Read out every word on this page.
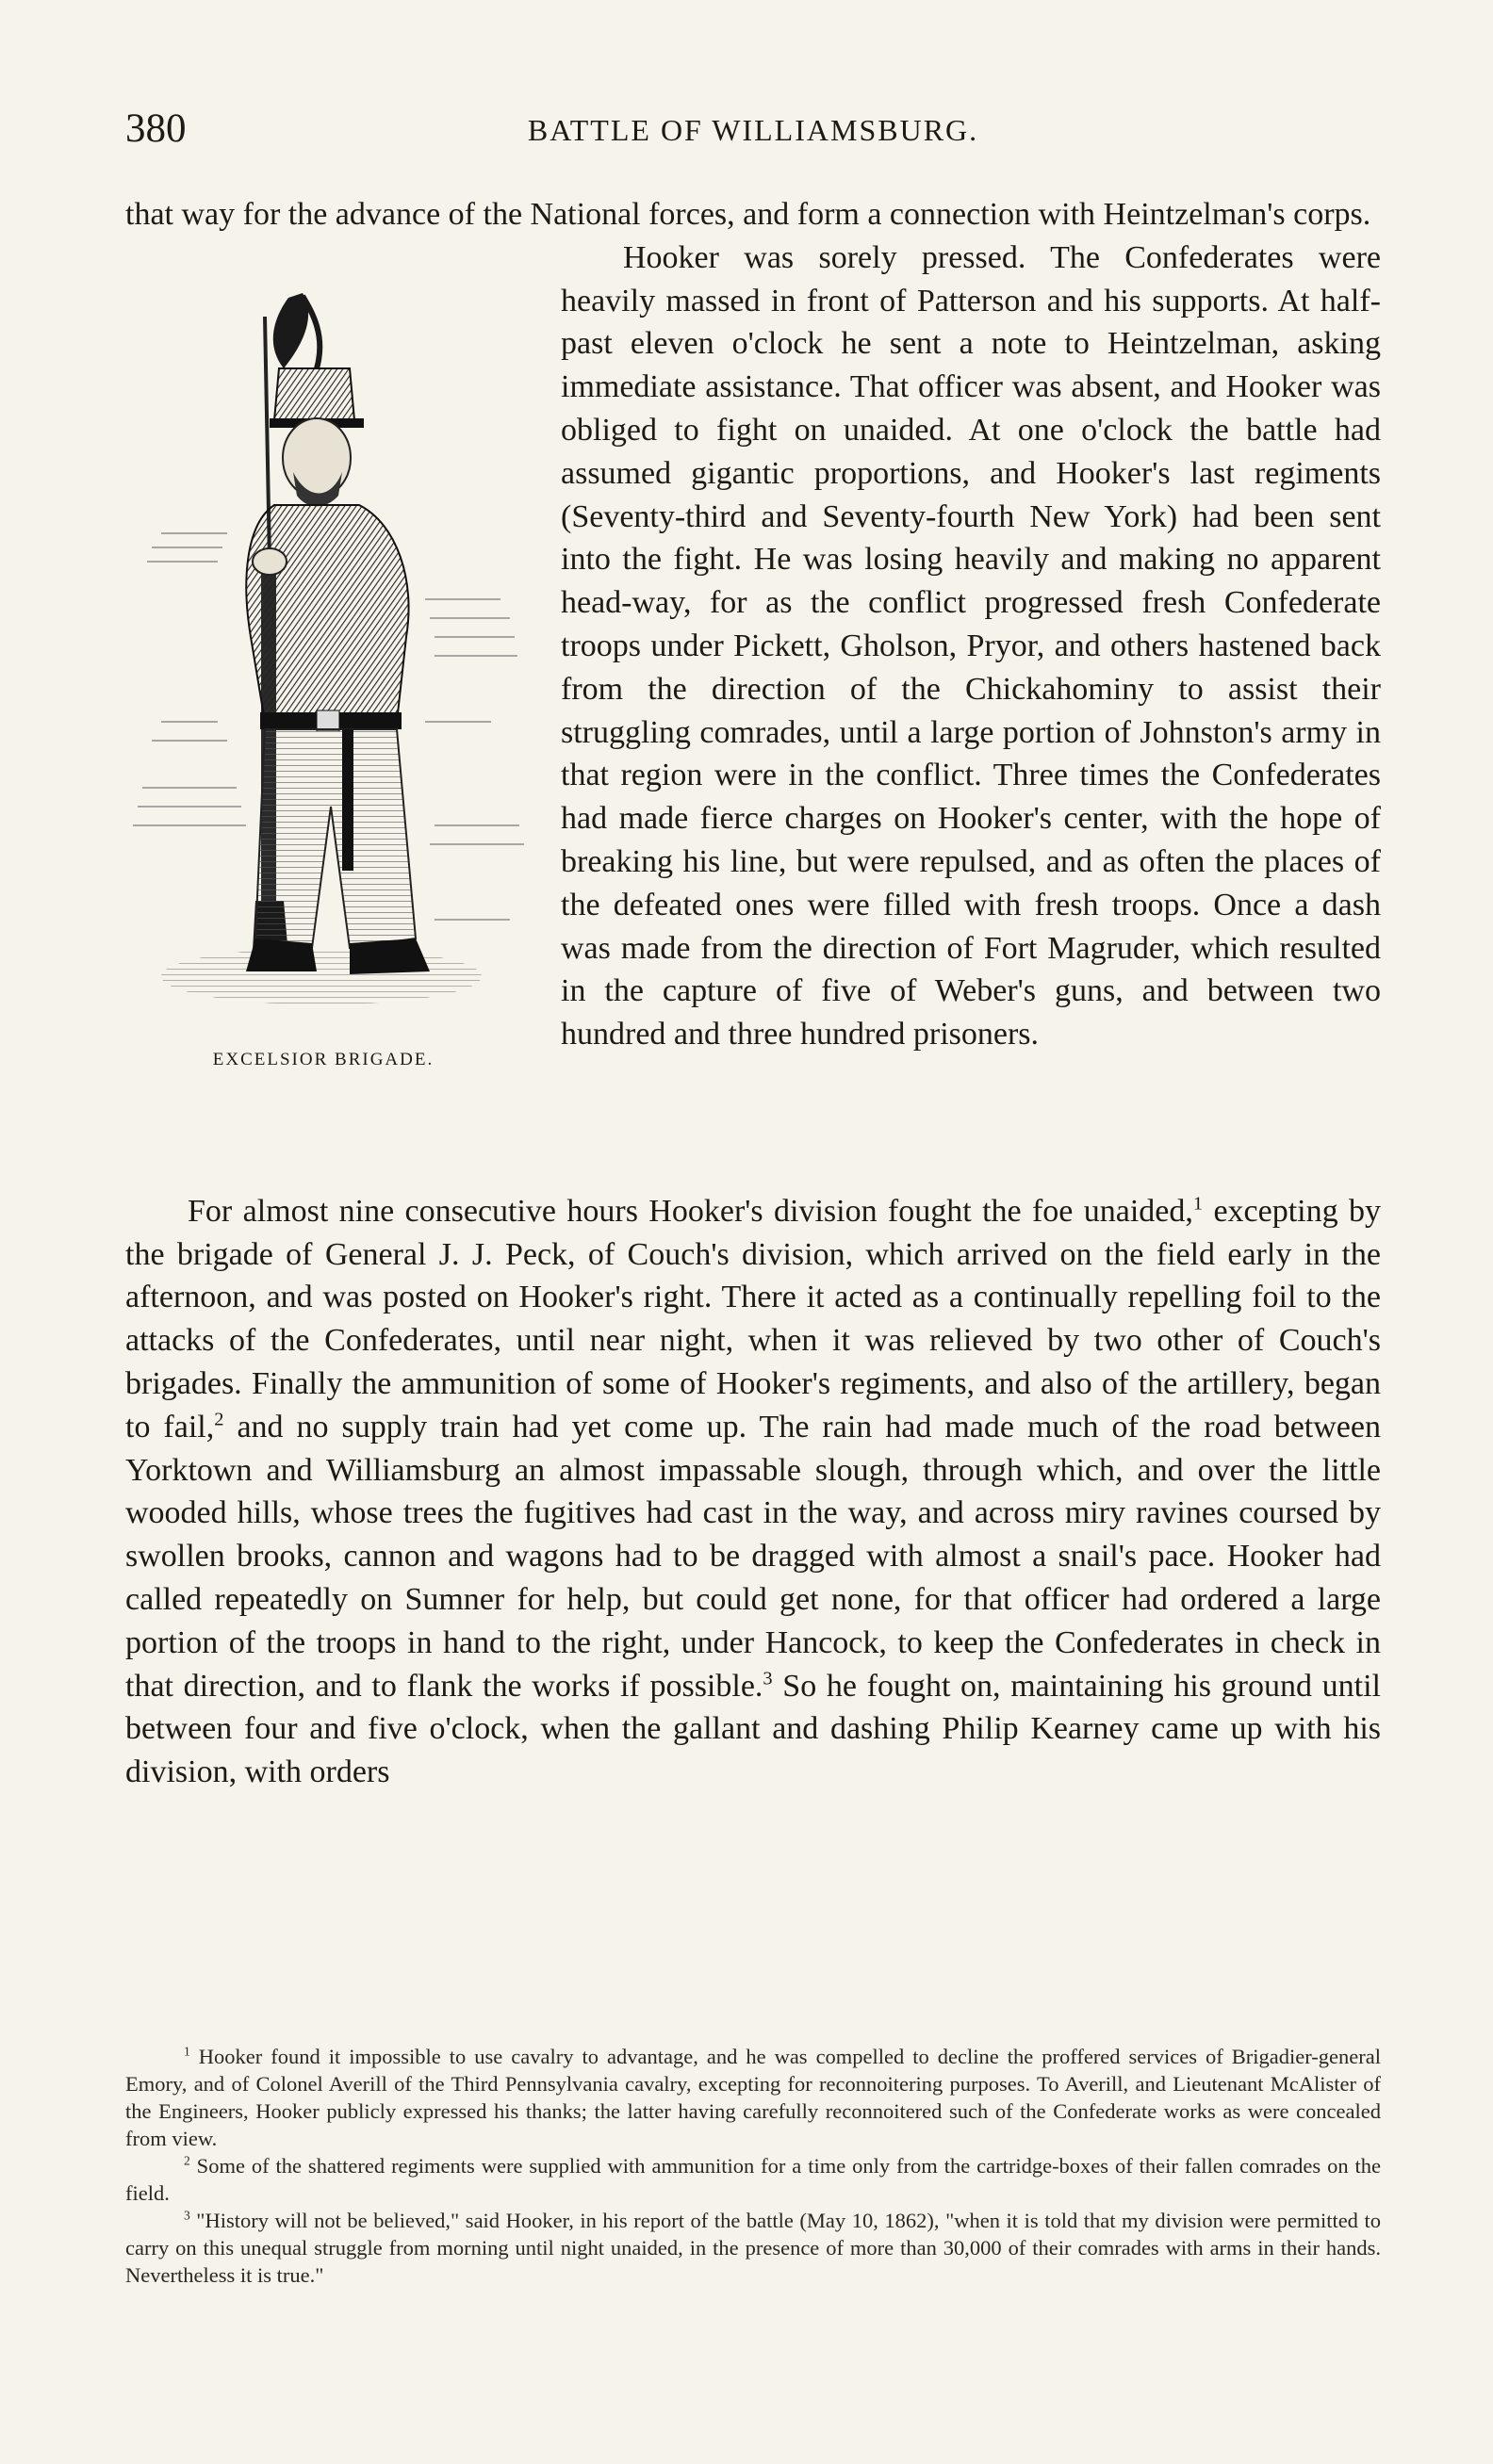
380	BATTLE OF WILLIAMSBURG.

that way for the advance of the National forces, and form a connection with Heintzelman's corps.

EXCELSIOR BRIGADE.

Hooker was sorely pressed. The Confederates were heavily massed in front of Patterson and his supports. At half-past eleven o'clock he sent a note to Heintzelman, asking immediate assistance. That officer was absent, and Hooker was obliged to fight on unaided. At one o'clock the battle had assumed gigantic proportions, and Hooker's last regiments (Seventy-third and Seventy-fourth New York) had been sent into the fight. He was losing heavily and making no apparent head-way, for as the conflict progressed fresh Confederate troops under Pickett, Gholson, Pryor, and others hastened back from the direction of the Chickahominy to assist their struggling comrades, until a large portion of Johnston's army in that region were in the conflict. Three times the Confederates had made fierce charges on Hooker's center, with the hope of breaking his line, but were repulsed, and as often the places of the defeated ones were filled with fresh troops. Once a dash was made from the direction of Fort Magruder, which resulted in the capture of five of Weber's guns, and between two hundred and three hundred prisoners.

For almost nine consecutive hours Hooker's division fought the foe unaided,$^1$ excepting by the brigade of General J. J. Peck, of Couch's division, which arrived on the field early in the afternoon, and was posted on Hooker's right. There it acted as a continually repelling foil to the attacks of the Confederates, until near night, when it was relieved by two other of Couch's brigades. Finally the ammunition of some of Hooker's regiments, and also of the artillery, began to fail,$^2$ and no supply train had yet come up. The rain had made much of the road between Yorktown and Williamsburg an almost impassable slough, through which, and over the little wooded hills, whose trees the fugitives had cast in the way, and across miry ravines coursed by swollen brooks, cannon and wagons had to be dragged with almost a snail's pace. Hooker had called repeatedly on Sumner for help, but could get none, for that officer had ordered a large portion of the troops in hand to the right, under Hancock, to keep the Confederates in check in that direction, and to flank the works if possible.$^3$ So he fought on, maintaining his ground until between four and five o'clock, when the gallant and dashing Philip Kearney came up with his division, with orders

$^1$ Hooker found it impossible to use cavalry to advantage, and he was compelled to decline the proffered services of Brigadier-general Emory, and of Colonel Averill of the Third Pennsylvania cavalry, excepting for reconnoitering purposes. To Averill, and Lieutenant McAlister of the Engineers, Hooker publicly expressed his thanks; the latter having carefully reconnoitered such of the Confederate works as were concealed from view.

$^2$ Some of the shattered regiments were supplied with ammunition for a time only from the cartridge-boxes of their fallen comrades on the field.

$^3$ "History will not be believed," said Hooker, in his report of the battle (May 10, 1862), "when it is told that my division were permitted to carry on this unequal struggle from morning until night unaided, in the presence of more than 30,000 of their comrades with arms in their hands. Nevertheless it is true."
